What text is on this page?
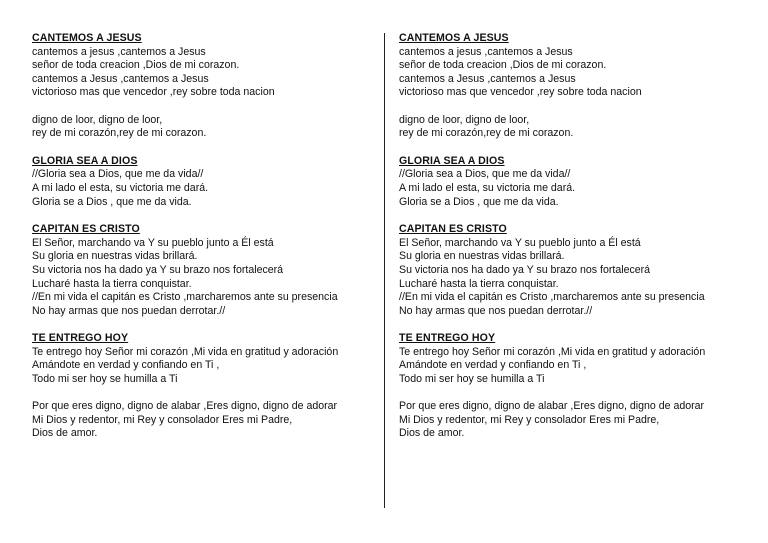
CANTEMOS A JESUS
cantemos a jesus ,cantemos a Jesus
señor de toda creacion ,Dios de mi corazon.
cantemos a Jesus ,cantemos a Jesus
victorioso mas que vencedor ,rey sobre toda nacion
digno de loor, digno de loor,
rey de mi corazón,rey de mi corazon.
GLORIA SEA A DIOS
//Gloria sea a Dios, que me da vida//
A mi lado el esta, su victoria me dará.
Gloria se a Dios , que me da vida.
CAPITAN ES CRISTO
El Señor, marchando va Y su pueblo junto a Él está
Su gloria en nuestras vidas brillará.
Su victoria nos ha dado ya Y su brazo nos fortalecerá
Lucharé hasta la tierra conquistar.
//En mi vida el capitán es Cristo ,marcharemos ante su presencia
No hay armas que nos puedan derrotar.//
TE ENTREGO HOY
Te entrego hoy Señor mi corazón ,Mi vida en gratitud y adoración
Amándote en verdad y confiando en Ti ,
Todo mi ser hoy se humilla a Ti
Por que eres digno, digno de alabar ,Eres digno, digno de adorar
Mi Dios y redentor, mi Rey y consolador Eres mi Padre,
Dios de amor.
CANTEMOS A JESUS
cantemos a jesus ,cantemos a Jesus
señor de toda creacion ,Dios de mi corazon.
cantemos a Jesus ,cantemos a Jesus
victorioso mas que vencedor ,rey sobre toda nacion
digno de loor, digno de loor,
rey de mi corazón,rey de mi corazon.
GLORIA SEA A DIOS
//Gloria sea a Dios, que me da vida//
A mi lado el esta, su victoria me dará.
Gloria se a Dios , que me da vida.
CAPITAN ES CRISTO
El Señor, marchando va Y su pueblo junto a Él está
Su gloria en nuestras vidas brillará.
Su victoria nos ha dado ya Y su brazo nos fortalecerá
Lucharé hasta la tierra conquistar.
//En mi vida el capitán es Cristo ,marcharemos ante su presencia
No hay armas que nos puedan derrotar.//
TE ENTREGO HOY
Te entrego hoy Señor mi corazón ,Mi vida en gratitud y adoración
Amándote en verdad y confiando en Ti ,
Todo mi ser hoy se humilla a Ti
Por que eres digno, digno de alabar ,Eres digno, digno de adorar
Mi Dios y redentor, mi Rey y consolador Eres mi Padre,
Dios de amor.
